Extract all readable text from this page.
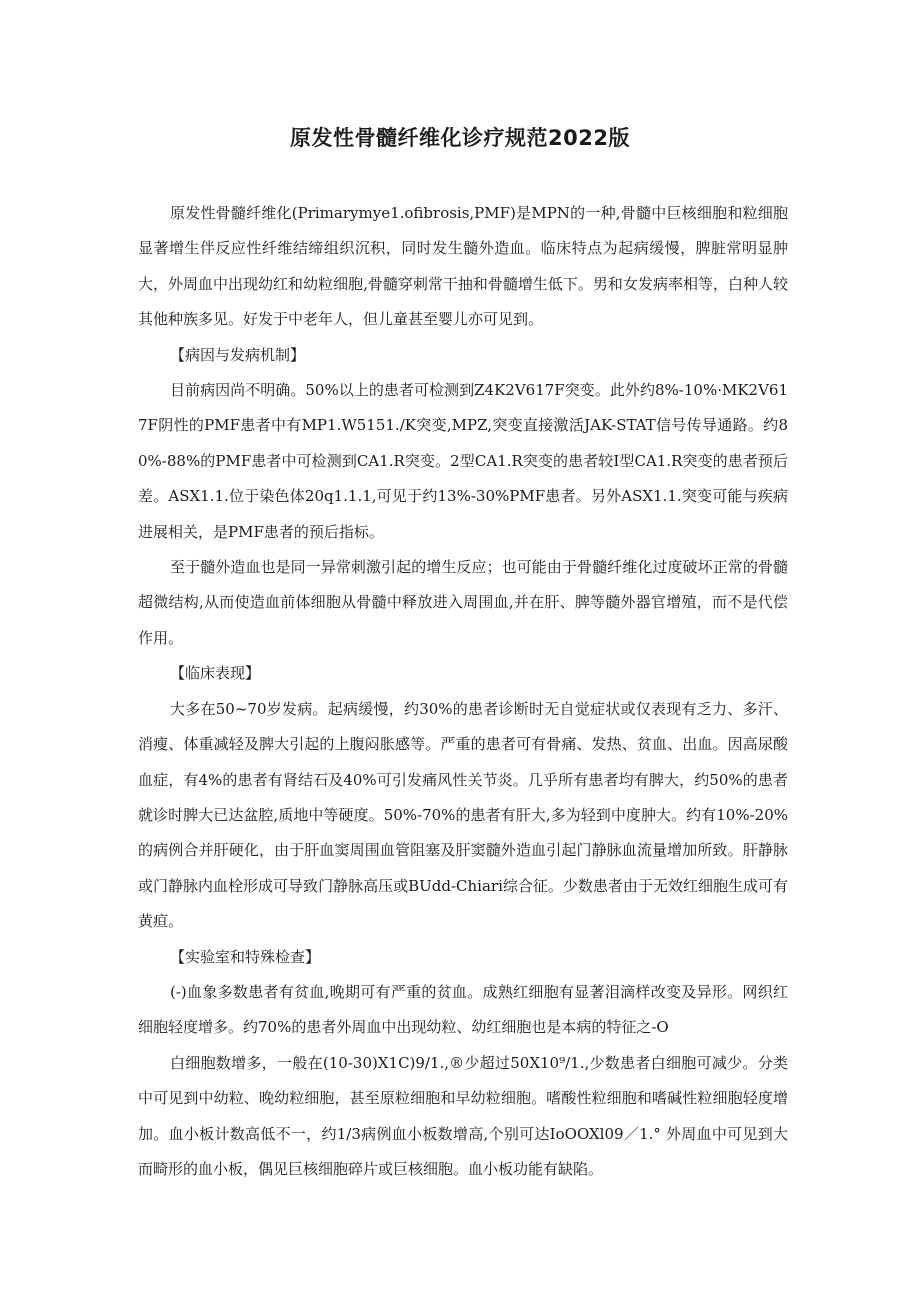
原发性骨髓纤维化诊疗规范2022版

原发性骨髓纤维化(Primarymye1.ofibrosis,PMF)是MPN的一种,骨髓中巨核细胞和粒细胞显著增生伴反应性纤维结缔组织沉积，同时发生髓外造血。临床特点为起病缓慢，脾脏常明显肿大，外周血中出现幼红和幼粒细胞,骨髓穿刺常干抽和骨髓增生低下。男和女发病率相等，白种人较其他种族多见。好发于中老年人，但儿童甚至婴儿亦可见到。

【病因与发病机制】

目前病因尚不明确。50%以上的患者可检测到Z4K2V617F突变。此外约8%-10%·MK2V617F阴性的PMF患者中有MP1.W5151./K突变,MPZ,突变直接激活JAK-STAT信号传导通路。约80%-88%的PMF患者中可检测到CA1.R突变。2型CA1.R突变的患者较I型CA1.R突变的患者预后差。ASX1.1.位于染色体20q1.1.1,可见于约13%-30%PMF患者。另外ASX1.1.突变可能与疾病进展相关，是PMF患者的预后指标。

至于髓外造血也是同一异常刺激引起的增生反应；也可能由于骨髓纤维化过度破坏正常的骨髓超微结构,从而使造血前体细胞从骨髓中释放进入周围血,并在肝、脾等髓外器官增殖，而不是代偿作用。

【临床表现】

大多在50~70岁发病。起病缓慢，约30%的患者诊断时无自觉症状或仅表现有乏力、多汗、消瘦、体重减轻及脾大引起的上腹闷胀感等。严重的患者可有骨痛、发热、贫血、出血。因高尿酸血症，有4%的患者有肾结石及40%可引发痛风性关节炎。几乎所有患者均有脾大，约50%的患者就诊时脾大已达盆腔,质地中等硬度。50%-70%的患者有肝大,多为轻到中度肿大。约有10%-20%的病例合并肝硬化，由于肝血窦周围血管阻塞及肝窦髓外造血引起门静脉血流量增加所致。肝静脉或门静脉内血栓形成可导致门静脉高压或BUdd-Chiari综合征。少数患者由于无效红细胞生成可有黄疸。

【实验室和特殊检查】

(-)血象多数患者有贫血,晚期可有严重的贫血。成熟红细胞有显著泪滴样改变及异形。网织红细胞轻度增多。约70%的患者外周血中出现幼粒、幼红细胞也是本病的特征之-O

白细胞数增多，一般在(10-30)X1C)9/1.,®少超过50X10⁹/1.,少数患者白细胞可减少。分类中可见到中幼粒、晚幼粒细胞，甚至原粒细胞和早幼粒细胞。嗜酸性粒细胞和嗜碱性粒细胞轻度增加。血小板计数高低不一，约1/3病例血小板数增高,个别可达IoOOXl09／1.° 外周血中可见到大而畸形的血小板，偶见巨核细胞碎片或巨核细胞。血小板功能有缺陷。
